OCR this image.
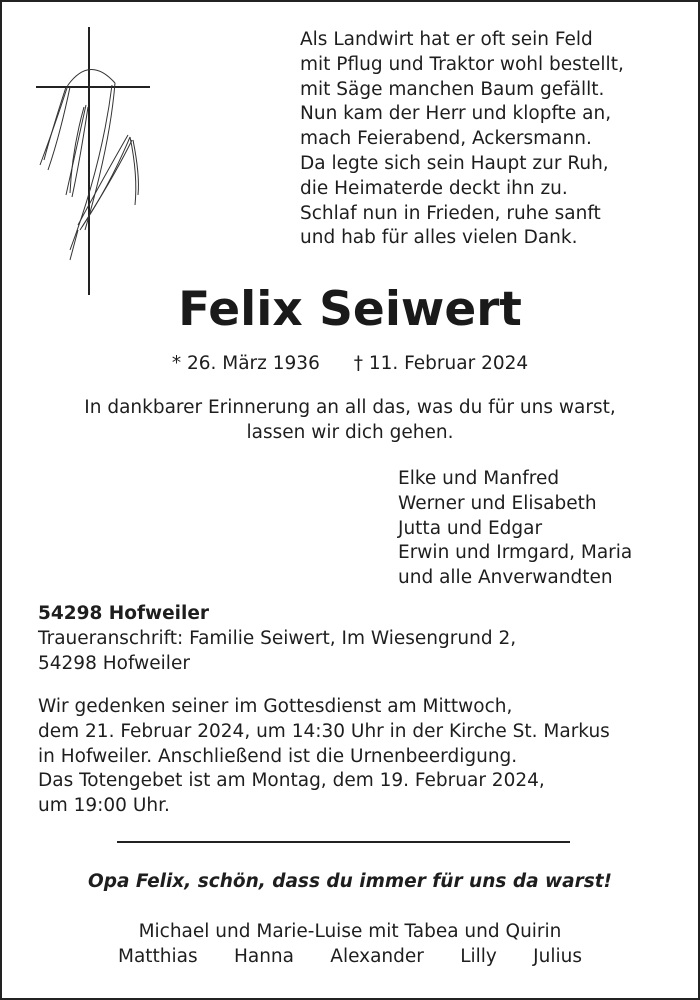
Als Landwirt hat er oft sein Feld
mit Pflug und Traktor wohl bestellt,
mit Säge manchen Baum gefällt.
Nun kam der Herr und klopfte an,
mach Feierabend, Ackersmann.
Da legte sich sein Haupt zur Ruh,
die Heimaterde deckt ihn zu.
Schlaf nun in Frieden, ruhe sanft
und hab für alles vielen Dank.
Felix Seiwert
* 26. März 1936 † 11. Februar 2024
In dankbarer Erinnerung an all das, was du für uns warst,
lassen wir dich gehen.
Elke und Manfred
Werner und Elisabeth
Jutta und Edgar
Erwin und Irmgard, Maria
und alle Anverwandten
54298 Hofweiler
Traueranschrift: Familie Seiwert, Im Wiesengrund 2,
54298 Hofweiler
Wir gedenken seiner im Gottesdienst am Mittwoch,
dem 21. Februar 2024, um 14:30 Uhr in der Kirche St. Markus
in Hofweiler. Anschließend ist die Urnenbeerdigung.
Das Totengebet ist am Montag, dem 19. Februar 2024,
um 19:00 Uhr.
Opa Felix, schön, dass du immer für uns da warst!
Michael und Marie-Luise mit Tabea und Quirin
Matthias Hanna Alexander Lilly Julius
